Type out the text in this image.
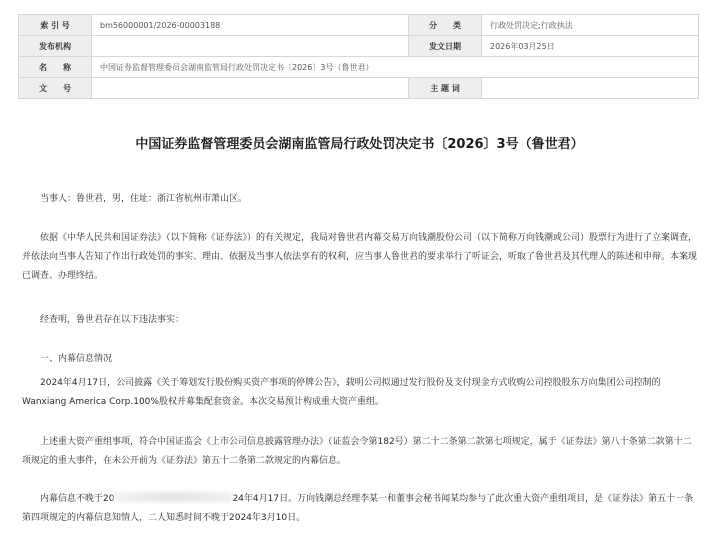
索 引 号	bm56000001/2026-00003188	分　　类	行政处罚决定;行政执法
发布机构		发文日期	2026年03月25日
名　　称	中国证券监督管理委员会湖南监管局行政处罚决定书〔2026〕3号（鲁世君）		
文　　号		主 题 词	
中国证券监督管理委员会湖南监管局行政处罚决定书〔2026〕3号（鲁世君）
当事人：鲁世君，男，住址：浙江省杭州市萧山区。
依据《中华人民共和国证券法》（以下简称《证券法》）的有关规定，我局对鲁世君内幕交易万向钱潮股份公司（以下简称万向钱潮或公司）股票行为进行了立案调查，并依法向当事人告知了作出行政处罚的事实、理由、依据及当事人依法享有的权利，应当事人鲁世君的要求举行了听证会，听取了鲁世君及其代理人的陈述和申辩。本案现已调查、办理终结。
经查明，鲁世君存在以下违法事实：
一、内幕信息情况
2024年4月17日，公司披露《关于筹划发行股份购买资产事项的停牌公告》，载明公司拟通过发行股份及支付现金方式收购公司控股股东万向集团公司控制的Wanxiang America Corp.100%股权并募集配套资金。本次交易预计构成重大资产重组。
上述重大资产重组事项，符合中国证监会《上市公司信息披露管理办法》（证监会令第182号）第二十二条第二款第七项规定，属于《证券法》第八十条第二款第十二项规定的重大事件，在未公开前为《证券法》第五十二条第二款规定的内幕信息。
内幕信息不晚于20	24年4月17日。万向钱潮总经理李某一和董事会秘书闻某均参与了此次重大资产重组项目，是《证券法》第五十一条第四项规定的内幕信息知情人，二人知悉时间不晚于2024年3月10日。
